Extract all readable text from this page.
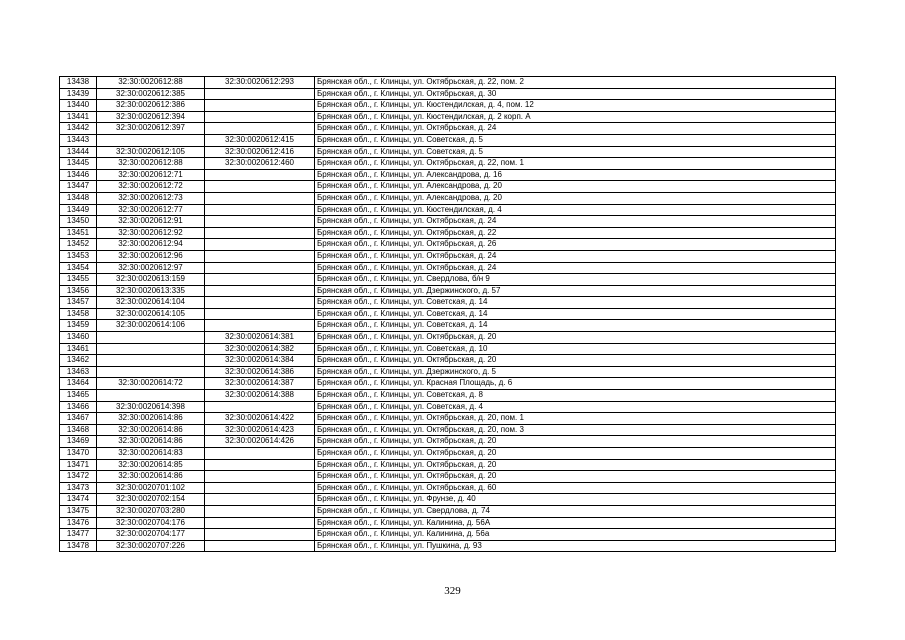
13438	32:30:0020612:88	32:30:0020612:293	Брянская обл., г. Клинцы, ул. Октябрьская, д. 22, пом. 2
13439	32:30:0020612:385		Брянская обл., г. Клинцы, ул. Октябрьская, д. 30
13440	32:30:0020612:386		Брянская обл., г. Клинцы, ул. Кюстендилская, д. 4, пом. 12
13441	32:30:0020612:394		Брянская обл., г. Клинцы, ул. Кюстендилская, д. 2 корп. А
13442	32:30:0020612:397		Брянская обл., г. Клинцы, ул. Октябрьская, д. 24
13443		32:30:0020612:415	Брянская обл., г. Клинцы, ул. Советская, д. 5
13444	32:30:0020612:105	32:30:0020612:416	Брянская обл., г. Клинцы, ул. Советская, д. 5
13445	32:30:0020612:88	32:30:0020612:460	Брянская обл., г. Клинцы, ул. Октябрьская, д. 22, пом. 1
13446	32:30:0020612:71		Брянская обл., г. Клинцы, ул. Александрова, д. 16
13447	32:30:0020612:72		Брянская обл., г. Клинцы, ул. Александрова, д. 20
13448	32:30:0020612:73		Брянская обл., г. Клинцы, ул. Александрова, д. 20
13449	32:30:0020612:77		Брянская обл., г. Клинцы, ул. Кюстендилская, д. 4
13450	32:30:0020612:91		Брянская обл., г. Клинцы, ул. Октябрьская, д. 24
13451	32:30:0020612:92		Брянская обл., г. Клинцы, ул. Октябрьская, д. 22
13452	32:30:0020612:94		Брянская обл., г. Клинцы, ул. Октябрьская, д. 26
13453	32:30:0020612:96		Брянская обл., г. Клинцы, ул. Октябрьская, д. 24
13454	32:30:0020612:97		Брянская обл., г. Клинцы, ул. Октябрьская, д. 24
13455	32:30:0020613:159		Брянская обл., г. Клинцы, ул. Свердлова, б/н 9
13456	32:30:0020613:335		Брянская обл., г. Клинцы, ул. Дзержинского, д. 57
13457	32:30:0020614:104		Брянская обл., г. Клинцы, ул. Советская, д. 14
13458	32:30:0020614:105		Брянская обл., г. Клинцы, ул. Советская, д. 14
13459	32:30:0020614:106		Брянская обл., г. Клинцы, ул. Советская, д. 14
13460		32:30:0020614:381	Брянская обл., г. Клинцы, ул. Октябрьская, д. 20
13461		32:30:0020614:382	Брянская обл., г. Клинцы, ул. Советская, д. 10
13462		32:30:0020614:384	Брянская обл., г. Клинцы, ул. Октябрьская, д. 20
13463		32:30:0020614:386	Брянская обл., г. Клинцы, ул. Дзержинского, д. 5
13464	32:30:0020614:72	32:30:0020614:387	Брянская обл., г. Клинцы, ул. Красная Площадь, д. 6
13465		32:30:0020614:388	Брянская обл., г. Клинцы, ул. Советская, д. 8
13466	32:30:0020614:398		Брянская обл., г. Клинцы, ул. Советская, д. 4
13467	32:30:0020614:86	32:30:0020614:422	Брянская обл., г. Клинцы, ул. Октябрьская, д. 20, пом. 1
13468	32:30:0020614:86	32:30:0020614:423	Брянская обл., г. Клинцы, ул. Октябрьская, д. 20, пом. 3
13469	32:30:0020614:86	32:30:0020614:426	Брянская обл., г. Клинцы, ул. Октябрьская, д. 20
13470	32:30:0020614:83		Брянская обл., г. Клинцы, ул. Октябрьская, д. 20
13471	32:30:0020614:85		Брянская обл., г. Клинцы, ул. Октябрьская, д. 20
13472	32:30:0020614:86		Брянская обл., г. Клинцы, ул. Октябрьская, д. 20
13473	32:30:0020701:102		Брянская обл., г. Клинцы, ул. Октябрьская, д. 60
13474	32:30:0020702:154		Брянская обл., г. Клинцы, ул. Фрунзе, д. 40
13475	32:30:0020703:280		Брянская обл., г. Клинцы, ул. Свердлова, д. 74
13476	32:30:0020704:176		Брянская обл., г. Клинцы, ул. Калинина, д. 56А
13477	32:30:0020704:177		Брянская обл., г. Клинцы, ул. Калинина, д. 56а
13478	32:30:0020707:226		Брянская обл., г. Клинцы, ул. Пушкина, д. 93
329
